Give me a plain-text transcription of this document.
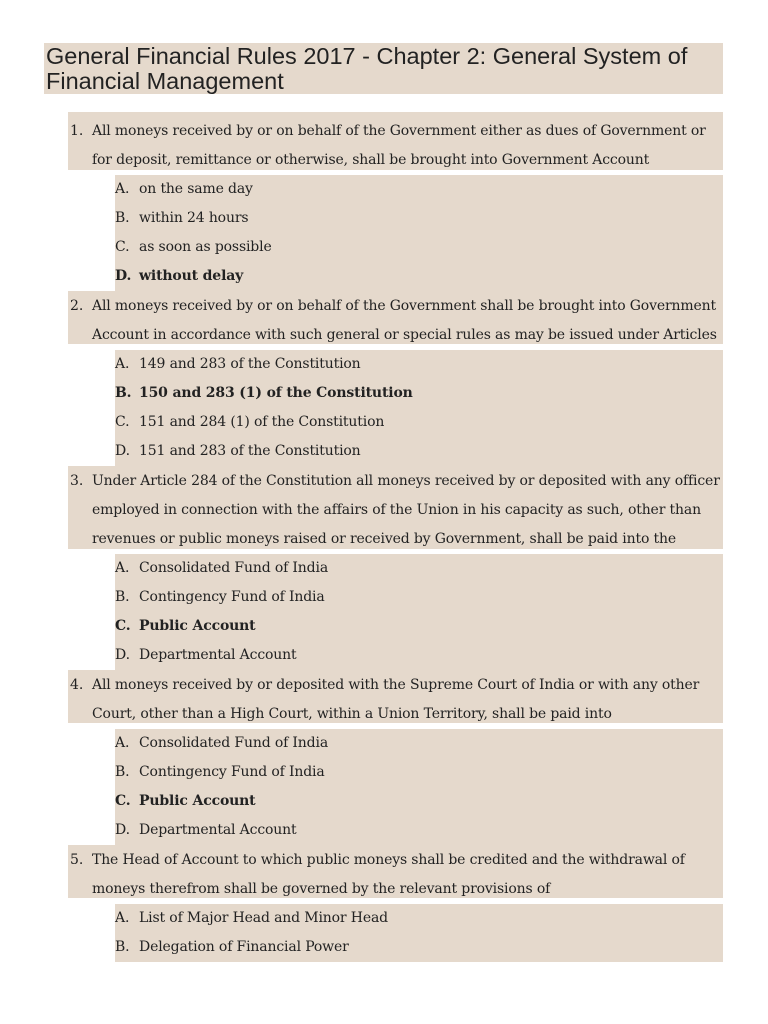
General Financial Rules 2017 - Chapter 2: General System of Financial Management
1. All moneys received by or on behalf of the Government either as dues of Government or for deposit, remittance or otherwise, shall be brought into Government Account
A. on the same day
B. within 24 hours
C. as soon as possible
D. without delay
2. All moneys received by or on behalf of the Government shall be brought into Government Account in accordance with such general or special rules as may be issued under Articles
A. 149 and 283 of the Constitution
B. 150 and 283 (1) of the Constitution
C. 151 and 284 (1) of the Constitution
D. 151 and 283 of the Constitution
3. Under Article 284 of the Constitution all moneys received by or deposited with any officer employed in connection with the affairs of the Union in his capacity as such, other than revenues or public moneys raised or received by Government, shall be paid into the
A. Consolidated Fund of India
B. Contingency Fund of India
C. Public Account
D. Departmental Account
4. All moneys received by or deposited with the Supreme Court of India or with any other Court, other than a High Court, within a Union Territory, shall be paid into
A. Consolidated Fund of India
B. Contingency Fund of India
C. Public Account
D. Departmental Account
5. The Head of Account to which public moneys shall be credited and the withdrawal of moneys therefrom shall be governed by the relevant provisions of
A. List of Major Head and Minor Head
B. Delegation of Financial Power
